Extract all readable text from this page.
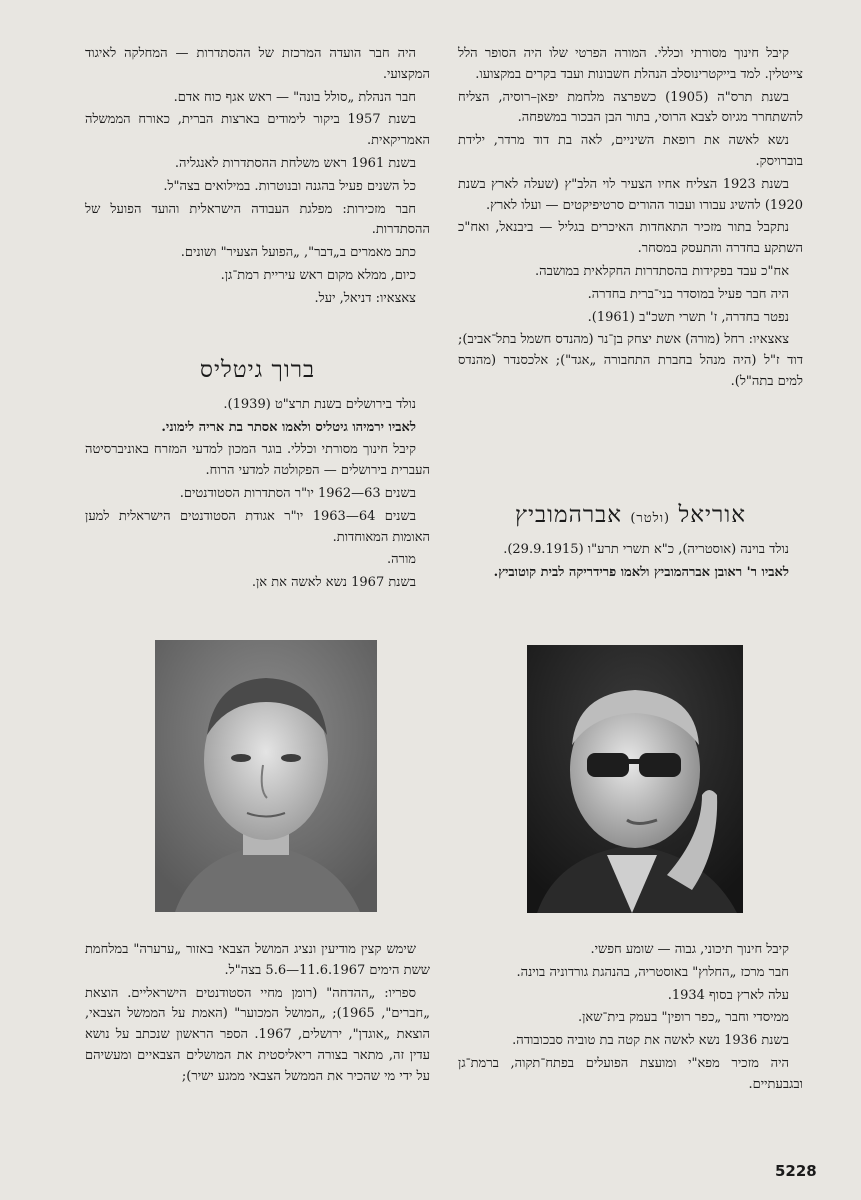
קיבל חינוך מסורתי וכללי. המורה הפרטי שלו היה הסופר הלל צייטלין. למד בייקטרינוסלב הנהלת חשבונות ועבד בקרים במקצועו.

בשנת תרס"ה (1905) כשפרצה מלחמת יפאן–רוסיה, הצליח להשתחרר מגיוס לצבא הרוסי, בתור הבן הבכור במשפחה.

נשא לאשה את רופאת השיניים, לאה בת דוד מרדר, ילידת בוברויסק.

בשנת 1923 הצליח אחיו הצעיר לוי הלב"ץ (שעלה לארץ בשנת 1920) להשיג עבורו ועבור ההורים סרטיפיקטים — ועלו לארץ.

נתקבל בתור מזכיר התאחדות האיכרים בגליל — ביבנאל, ואח"כ השתקע בחדרה והתעסק במסחר.

אח"כ עבד בפקידות בהסתדרות החקלאית במושבה.

היה חבר פעיל במוסדר בני־ברית בחדרה.

נפטר בחדרה, ז' תשרי תשכ"ב (1961).

צאצאיו: רחל (מורה) אשת יצחק בן־נר (מהנדס חשמל בתל־אביב); דוד ז"ל (היה מנהל בחברת התחבורה „אגד"); אלכסנדר (מהנדס למים בתה"ל).

היה חבר הועדה המרכזת של ההסתדרות — המחלקה לאיגוד המקצועי.

חבר הנהלת „סולל בונה" — ראש אגף כוח אדם.

בשנת 1957 ביקור לימודים בארצות הברית, כאורח הממשלה האמריקאית.

בשנת 1961 ראש משלחת ההסתדרות לאנגליה.

כל השנים פעיל בהגנה ובנוטרות. במילואים בצה"ל.

חבר מזכירות: מפלגת העבודה הישראלית והועד הפועל של ההסתדרות.

כתב מאמרים ב„דבר", „הפועל הצעיר" ושונים.

כיום, ממלא מקום ראש עיריית רמת־גן.

צאצאיו: דניאל, יעל.

ברוך גיטליס

נולד בירושלים בשנת תרצ"ט (1939).

לאביו ירמיהו גיטליס ולאמו אסתר בת אריה לימוני.

קיבל חינוך מסורתי וכללי. בוגר המכון למדעי המזרח באוניברסיטה העברית בירושלים — הפקולטה למדעי הרוח.

בשנים 63—1962 יו"ר הסתדרות הסטודנטים.

בשנים 64—1963 יו"ר אגודת הסטודנטים הישראלית למען האומות המאוחדות.

מורה.

בשנת 1967 נשא לאשה את אן.

אוריאל (ולטר) אברהמוביץ

נולד בוינה (אוסטריה), כ"א תשרי תרע"ו (29.9.1915).

לאביו ר' ראובן אברהמוביץ ולאמו פרידריקה לבית קוטוביץ.

שימש קצין מודיעין ונציג המושל הצבאי באזור „ערערה" במלחמת ששת הימים 11.6.1967—5.6 בצה"ל.

ספריו: „ההדחה" (רומן מחיי הסטודנטים הישראליים. הוצאת „חברים", 1965); „המושל המכוער" (האמת על הממשל הצבאי, הוצאת „אוגדן", ירושלים, 1967. הספר הראשון שנכתב על נושא עדין זה, מתאר בצורה ריאליסטית את המושלים הצבאיים ומעשיהם על ידי מי שהכיר את הממשל הצבאי ממגע ישיר);

קיבל חינוך תיכוני, גבוה — שומע חפשי.

חבר מרכז „החלוץ" באוסטריה, בהנהגת גורדוניה בוינה.

עלה לארץ בסוף 1934.

ממיסדי וחבר „כפר רופין" בעמק בית־שאן.

בשנת 1936 נשא לאשה את קטה בת טוביה סבכובודה.

היה מזכיר מפא"י ומועצת הפועלים בפתח־תקוה, ברמת־גן ובגבעתיים.

5228
